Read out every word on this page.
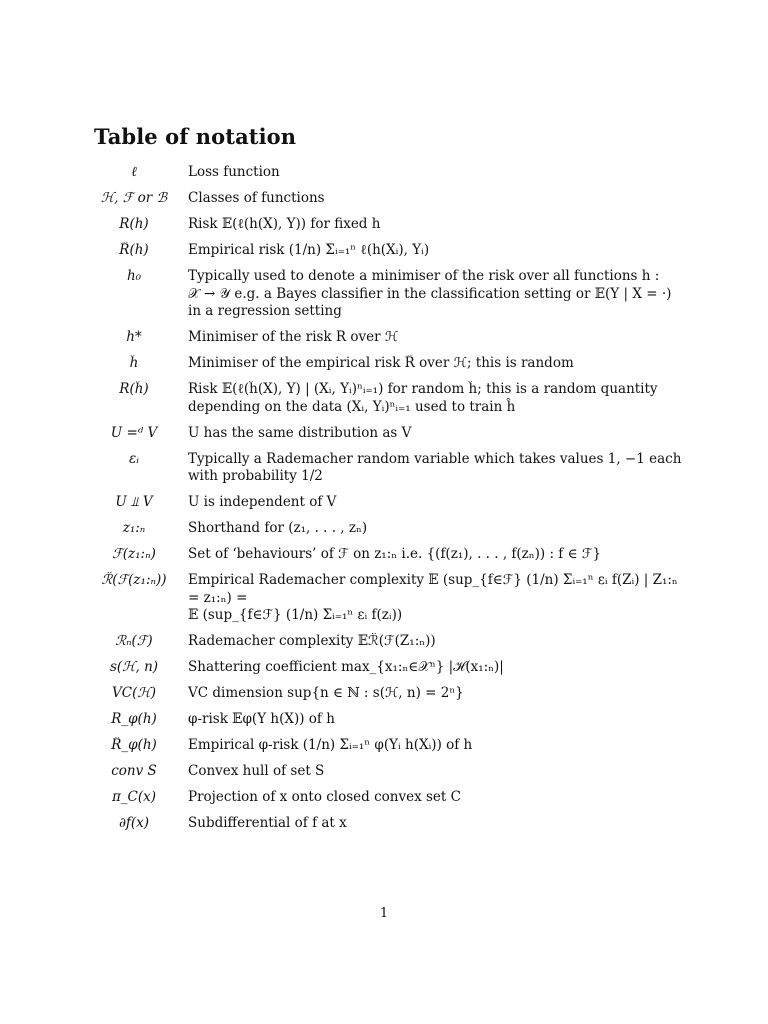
Table of notation
ℓ	Loss function
ℋ, ℱ or ℬ	Classes of functions
R(h)	Risk 𝔼(ℓ(h(X), Y)) for fixed h
R̂(h)	Empirical risk (1/n) Σᵢ₌₁ⁿ ℓ(h(Xᵢ), Yᵢ)
h₀	Typically used to denote a minimiser of the risk over all functions h :
𝒳 → 𝒴 e.g. a Bayes classifier in the classification setting or 𝔼(Y | X = ·)
in a regression setting
h*	Minimiser of the risk R over ℋ
ĥ	Minimiser of the empirical risk R̂ over ℋ; this is random
R(ĥ)	Risk 𝔼(ℓ(ĥ(X), Y) | (Xᵢ, Yᵢ)ⁿᵢ₌₁) for random ĥ; this is a random quantity
depending on the data (Xᵢ, Yᵢ)ⁿᵢ₌₁ used to train ĥ
U =ᵈ V	U has the same distribution as V
εᵢ	Typically a Rademacher random variable which takes values 1, −1 each
with probability 1/2
U ⫫ V	U is independent of V
z₁:ₙ	Shorthand for (z₁, . . . , zₙ)
ℱ(z₁:ₙ)	Set of ‘behaviours’ of ℱ on z₁:ₙ i.e. {(f(z₁), . . . , f(zₙ)) : f ∈ ℱ}
ℛ̂(ℱ(z₁:ₙ))	Empirical Rademacher complexity 𝔼 (sup_{f∈ℱ} (1/n) Σᵢ₌₁ⁿ εᵢ f(Zᵢ) | Z₁:ₙ = z₁:ₙ) =
𝔼 (sup_{f∈ℱ} (1/n) Σᵢ₌₁ⁿ εᵢ f(zᵢ))
ℛₙ(ℱ)	Rademacher complexity 𝔼ℛ̂(ℱ(Z₁:ₙ))
s(ℋ, n)	Shattering coefficient max_{x₁:ₙ∈𝒳ⁿ} |ℋ(x₁:ₙ)|
VC(ℋ)	VC dimension sup{n ∈ ℕ : s(ℋ, n) = 2ⁿ}
R_φ(h)	φ-risk 𝔼φ(Y h(X)) of h
R̂_φ(h)	Empirical φ-risk (1/n) Σᵢ₌₁ⁿ φ(Yᵢ h(Xᵢ)) of h
conv S	Convex hull of set S
π_C(x)	Projection of x onto closed convex set C
∂f(x)	Subdifferential of f at x
1
